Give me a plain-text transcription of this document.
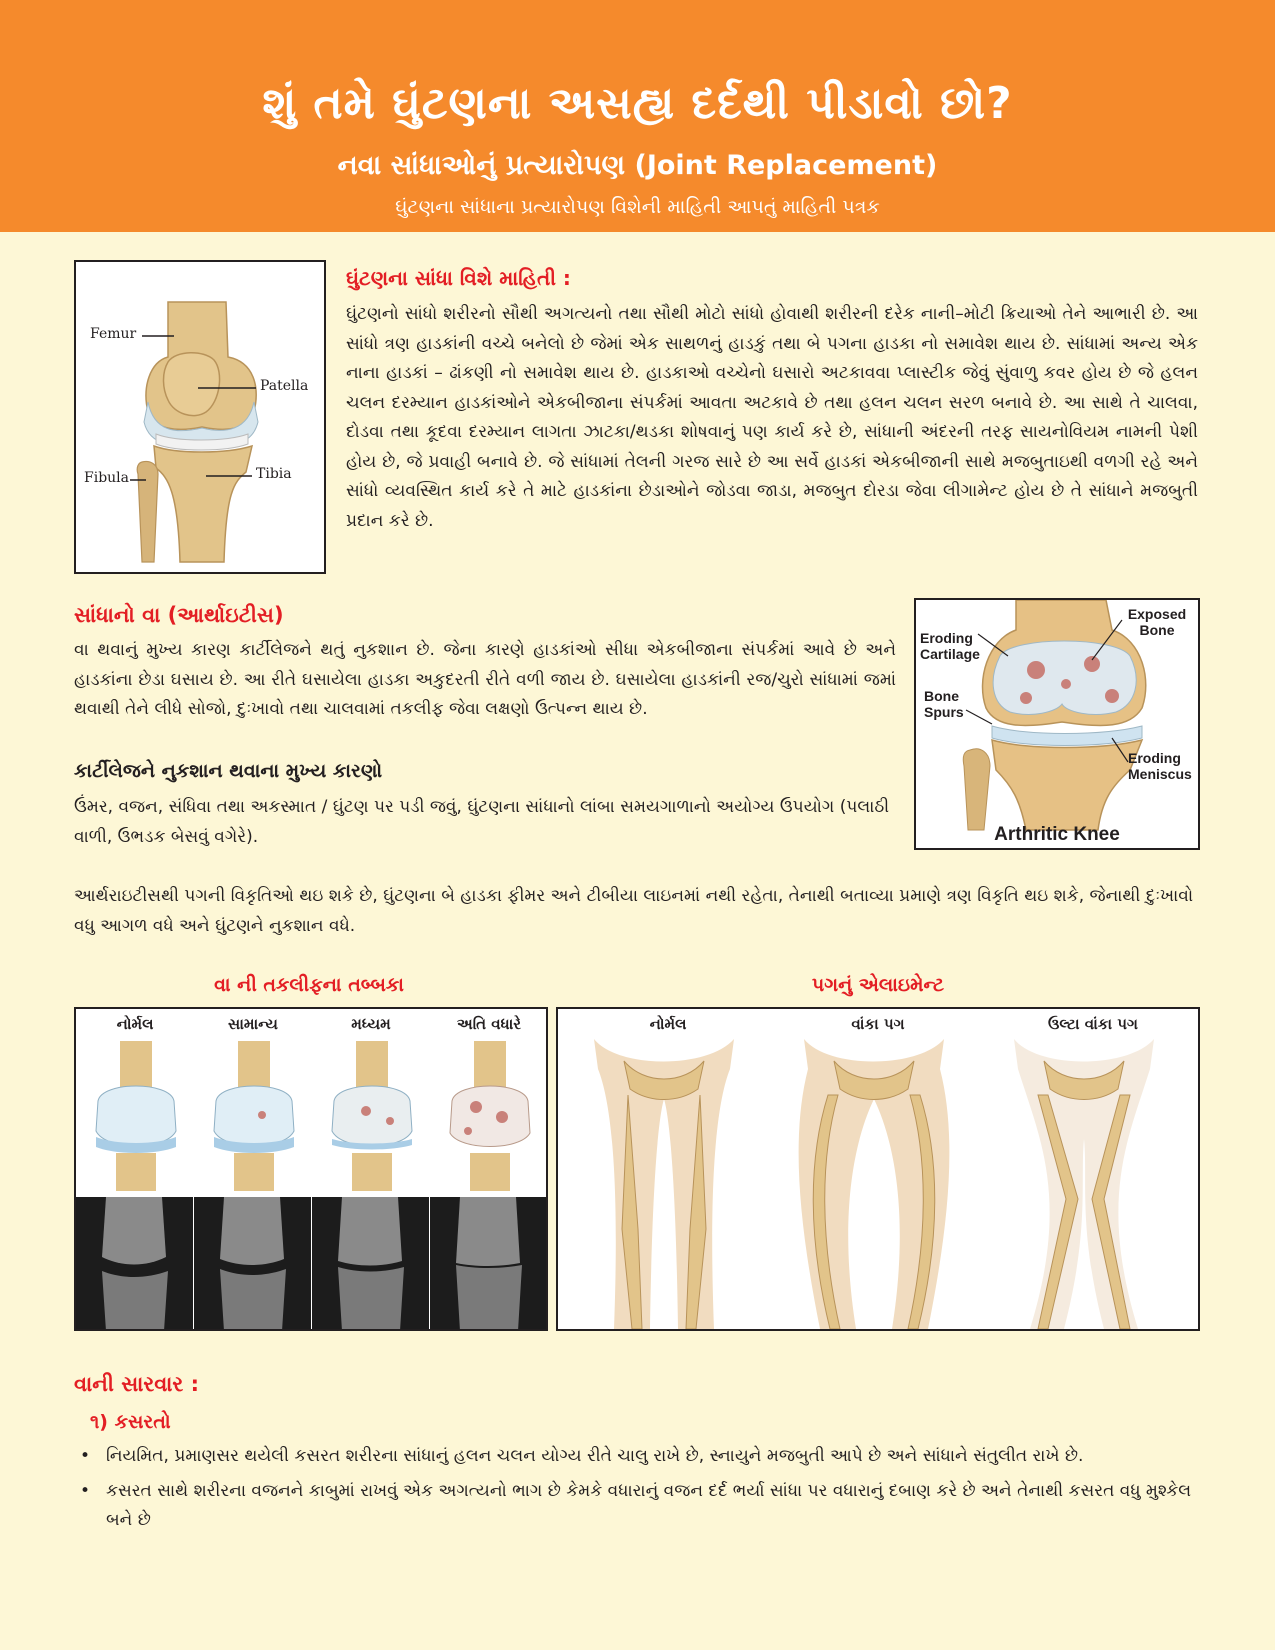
શું તમે ઘુંટણના અસહ્ય દર્દથી પીડાવો છો?
નવા સાંધાઓનું પ્રત્યારોપણ (Joint Replacement)
ઘુંટણના સાંધાના પ્રત્યારોપણ વિશેની માહિતી આપતું માહિતી પત્રક
Femur
Patella
Fibula	Tibia
ઘુંટણના સાંધા વિશે માહિતી :
ઘુંટણનો સાંધો શરીરનો સૌથી અગત્યનો તથા સૌથી મોટો સાંધો હોવાથી શરીરની દરેક નાની–મોટી ક્રિયાઓ તેને આભારી છે. આ સાંધો ત્રણ હાડકાંની વચ્ચે બનેલો છે જેમાં એક સાથળનું હાડકું તથા બે પગના હાડકા નો સમાવેશ થાય છે. સાંધામાં અન્ય એક નાના હાડકાં – ઢાંકણી નો સમાવેશ થાય છે. હાડકાઓ વચ્ચેનો ઘસારો અટકાવવા પ્લાસ્ટીક જેવું સુંવાળુ કવર હોય છે જે હલન ચલન દરમ્યાન હાડકાંઓને એકબીજાના સંપર્કમાં આવતા અટકાવે છે તથા હલન ચલન સરળ બનાવે છે. આ સાથે તે ચાલવા, દોડવા તથા કૂદવા દરમ્યાન લાગતા ઝાટકા/થડકા શોષવાનું પણ કાર્ય કરે છે, સાંધાની અંદરની તરફ સાયનોવિયમ નામની પેશી હોય છે, જે પ્રવાહી બનાવે છે. જે સાંધામાં તેલની ગરજ સારે છે આ સર્વે હાડકાં એકબીજાની સાથે મજબુતાઇથી વળગી રહે અને સાંધો વ્યવસ્થિત કાર્ય કરે તે માટે હાડકાંના છેડાઓને જોડવા જાડા, મજબુત દોરડા જેવા લીગામેન્ટ હોય છે તે સાંધાને મજબુતી પ્રદાન કરે છે.
સાંધાનો વા (આર્થાઇટીસ)
વા થવાનું મુખ્ય કારણ કાર્ટીલેજને થતું નુકશાન છે. જેના કારણે હાડકાંઓ સીધા એકબીજાના સંપર્કમાં આવે છે અને હાડકાંના છેડા ઘસાય છે. આ રીતે ઘસાયેલા હાડકા અકુદરતી રીતે વળી જાય છે. ઘસાયેલા હાડકાંની રજ/ચુરો સાંધામાં જમાં થવાથી તેને લીધે સોજો, દુઃખાવો તથા ચાલવામાં તકલીફ જેવા લક્ષણો ઉત્પન્ન થાય છે.
કાર્ટીલેજને નુકશાન થવાના મુખ્ય કારણો
ઉંમર, વજન, સંધિવા તથા અકસ્માત / ઘુંટણ પર પડી જવું, ઘુંટણના સાંધાનો લાંબા સમયગાળાનો અયોગ્ય ઉપયોગ (પલાઠી વાળી, ઉભડક બેસવું વગેરે).
Exposed Bone
Eroding Cartilage
Bone Spurs
Eroding Meniscus
Arthritic Knee
આર્થરાઇટીસથી પગની વિકૃતિઓ થઇ શકે છે, ઘુંટણના બે હાડકા ફીમર અને ટીબીયા લાઇનમાં નથી રહેતા, તેનાથી બતાવ્યા પ્રમાણે ત્રણ વિકૃતિ થઇ શકે, જેનાથી દુઃખાવો વધુ આગળ વધે અને ઘુંટણને નુકશાન વધે.
વા ની તકલીફના તબ્બકા
નોર્મલ	સામાન્ય	મધ્યમ	અતિ વધારે
પગનું એલાઇમેન્ટ
નોર્મલ	વાંકા પગ	ઉલ્ટા વાંકા પગ
વાની સારવાર :
૧) કસરતો
• નિયમિત, પ્રમાણસર થયેલી કસરત શરીરના સાંધાનું હલન ચલન યોગ્ય રીતે ચાલુ રાખે છે, સ્નાયુને મજબુતી આપે છે અને સાંધાને સંતુલીત રાખે છે.
• કસરત સાથે શરીરના વજનને કાબુમાં રાખવું એક અગત્યનો ભાગ છે કેમકે વધારાનું વજન દર્દ ભર્યા સાંધા પર વધારાનું દબાણ કરે છે અને તેનાથી કસરત વધુ મુશ્કેલ બને છે
